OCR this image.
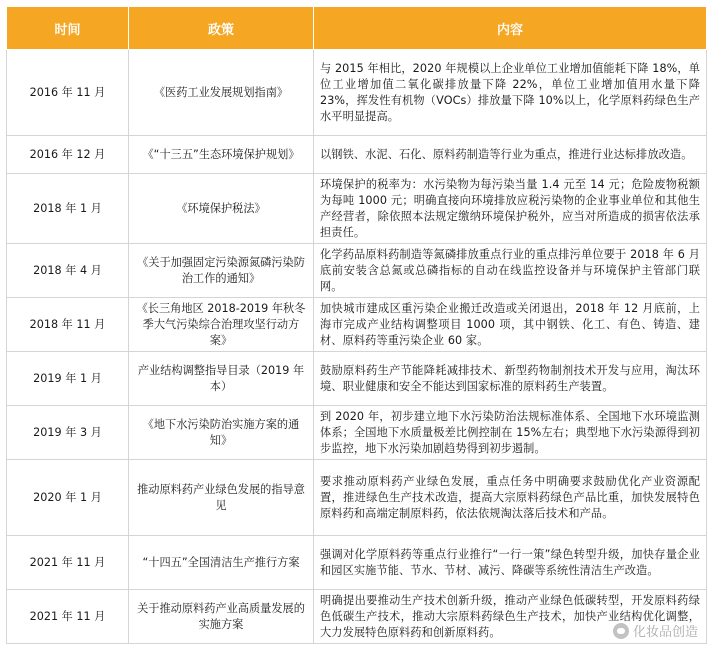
时间	政策	内容
2016 年 11 月	《医药工业发展规划指南》	与 2015 年相比，2020 年规模以上企业单位工业增加值能耗下降 18%，单位工业增加值二氧化碳排放量下降 22%，单位工业增加值用水量下降 23%，挥发性有机物（VOCs）排放量下降 10%以上，化学原料药绿色生产水平明显提高。
2016 年 12 月	《“十三五”生态环境保护规划》	以钢铁、水泥、石化、原料药制造等行业为重点，推进行业达标排放改造。
2018 年 1 月	《环境保护税法》	环境保护的税率为：水污染物为每污染当量 1.4 元至 14 元；危险废物税额为每吨 1000 元；明确直接向环境排放应税污染物的企业事业单位和其他生产经营者，除依照本法规定缴纳环境保护税外，应当对所造成的损害依法承担责任。
2018 年 4 月	《关于加强固定污染源氮磷污染防治工作的通知》	化学药品原料药制造等氮磷排放重点行业的重点排污单位要于 2018 年 6 月底前安装含总氮或总磷指标的自动在线监控设备并与环境保护主管部门联网。
2018 年 11 月	《长三角地区 2018-2019 年秋冬季大气污染综合治理攻坚行动方案》	加快城市建成区重污染企业搬迁改造或关闭退出，2018 年 12 月底前，上海市完成产业结构调整项目 1000 项，其中钢铁、化工、有色、铸造、建材、原料药等重污染企业 60 家。
2019 年 1 月	产业结构调整指导目录（2019 年本）	鼓励原料药生产节能降耗减排技术、新型药物制剂技术开发与应用，淘汰环境、职业健康和安全不能达到国家标准的原料药生产装置。
2019 年 3 月	《地下水污染防治实施方案的通知》	到 2020 年，初步建立地下水污染防治法规标准体系、全国地下水环境监测体系；全国地下水质量极差比例控制在 15%左右；典型地下水污染源得到初步监控，地下水污染加剧趋势得到初步遏制。
2020 年 1 月	推动原料药产业绿色发展的指导意见	要求推动原料药产业绿色发展，重点任务中明确要求鼓励优化产业资源配置，推进绿色生产技术改造，提高大宗原料药绿色产品比重，加快发展特色原料药和高端定制原料药，依法依规淘汰落后技术和产品。
2021 年 11 月	“十四五”全国清洁生产推行方案	强调对化学原料药等重点行业推行“一行一策”绿色转型升级，加快存量企业和园区实施节能、节水、节材、减污、降碳等系统性清洁生产改造。
2021 年 11 月	关于推动原料药产业高质量发展的实施方案	明确提出要推动生产技术创新升级，推动产业绿色低碳转型，开发原料药绿色低碳生产技术，推动大宗原料药绿色生产技术，加快产业结构优化调整，大力发展特色原料药和创新原料药。	化妆品创造
